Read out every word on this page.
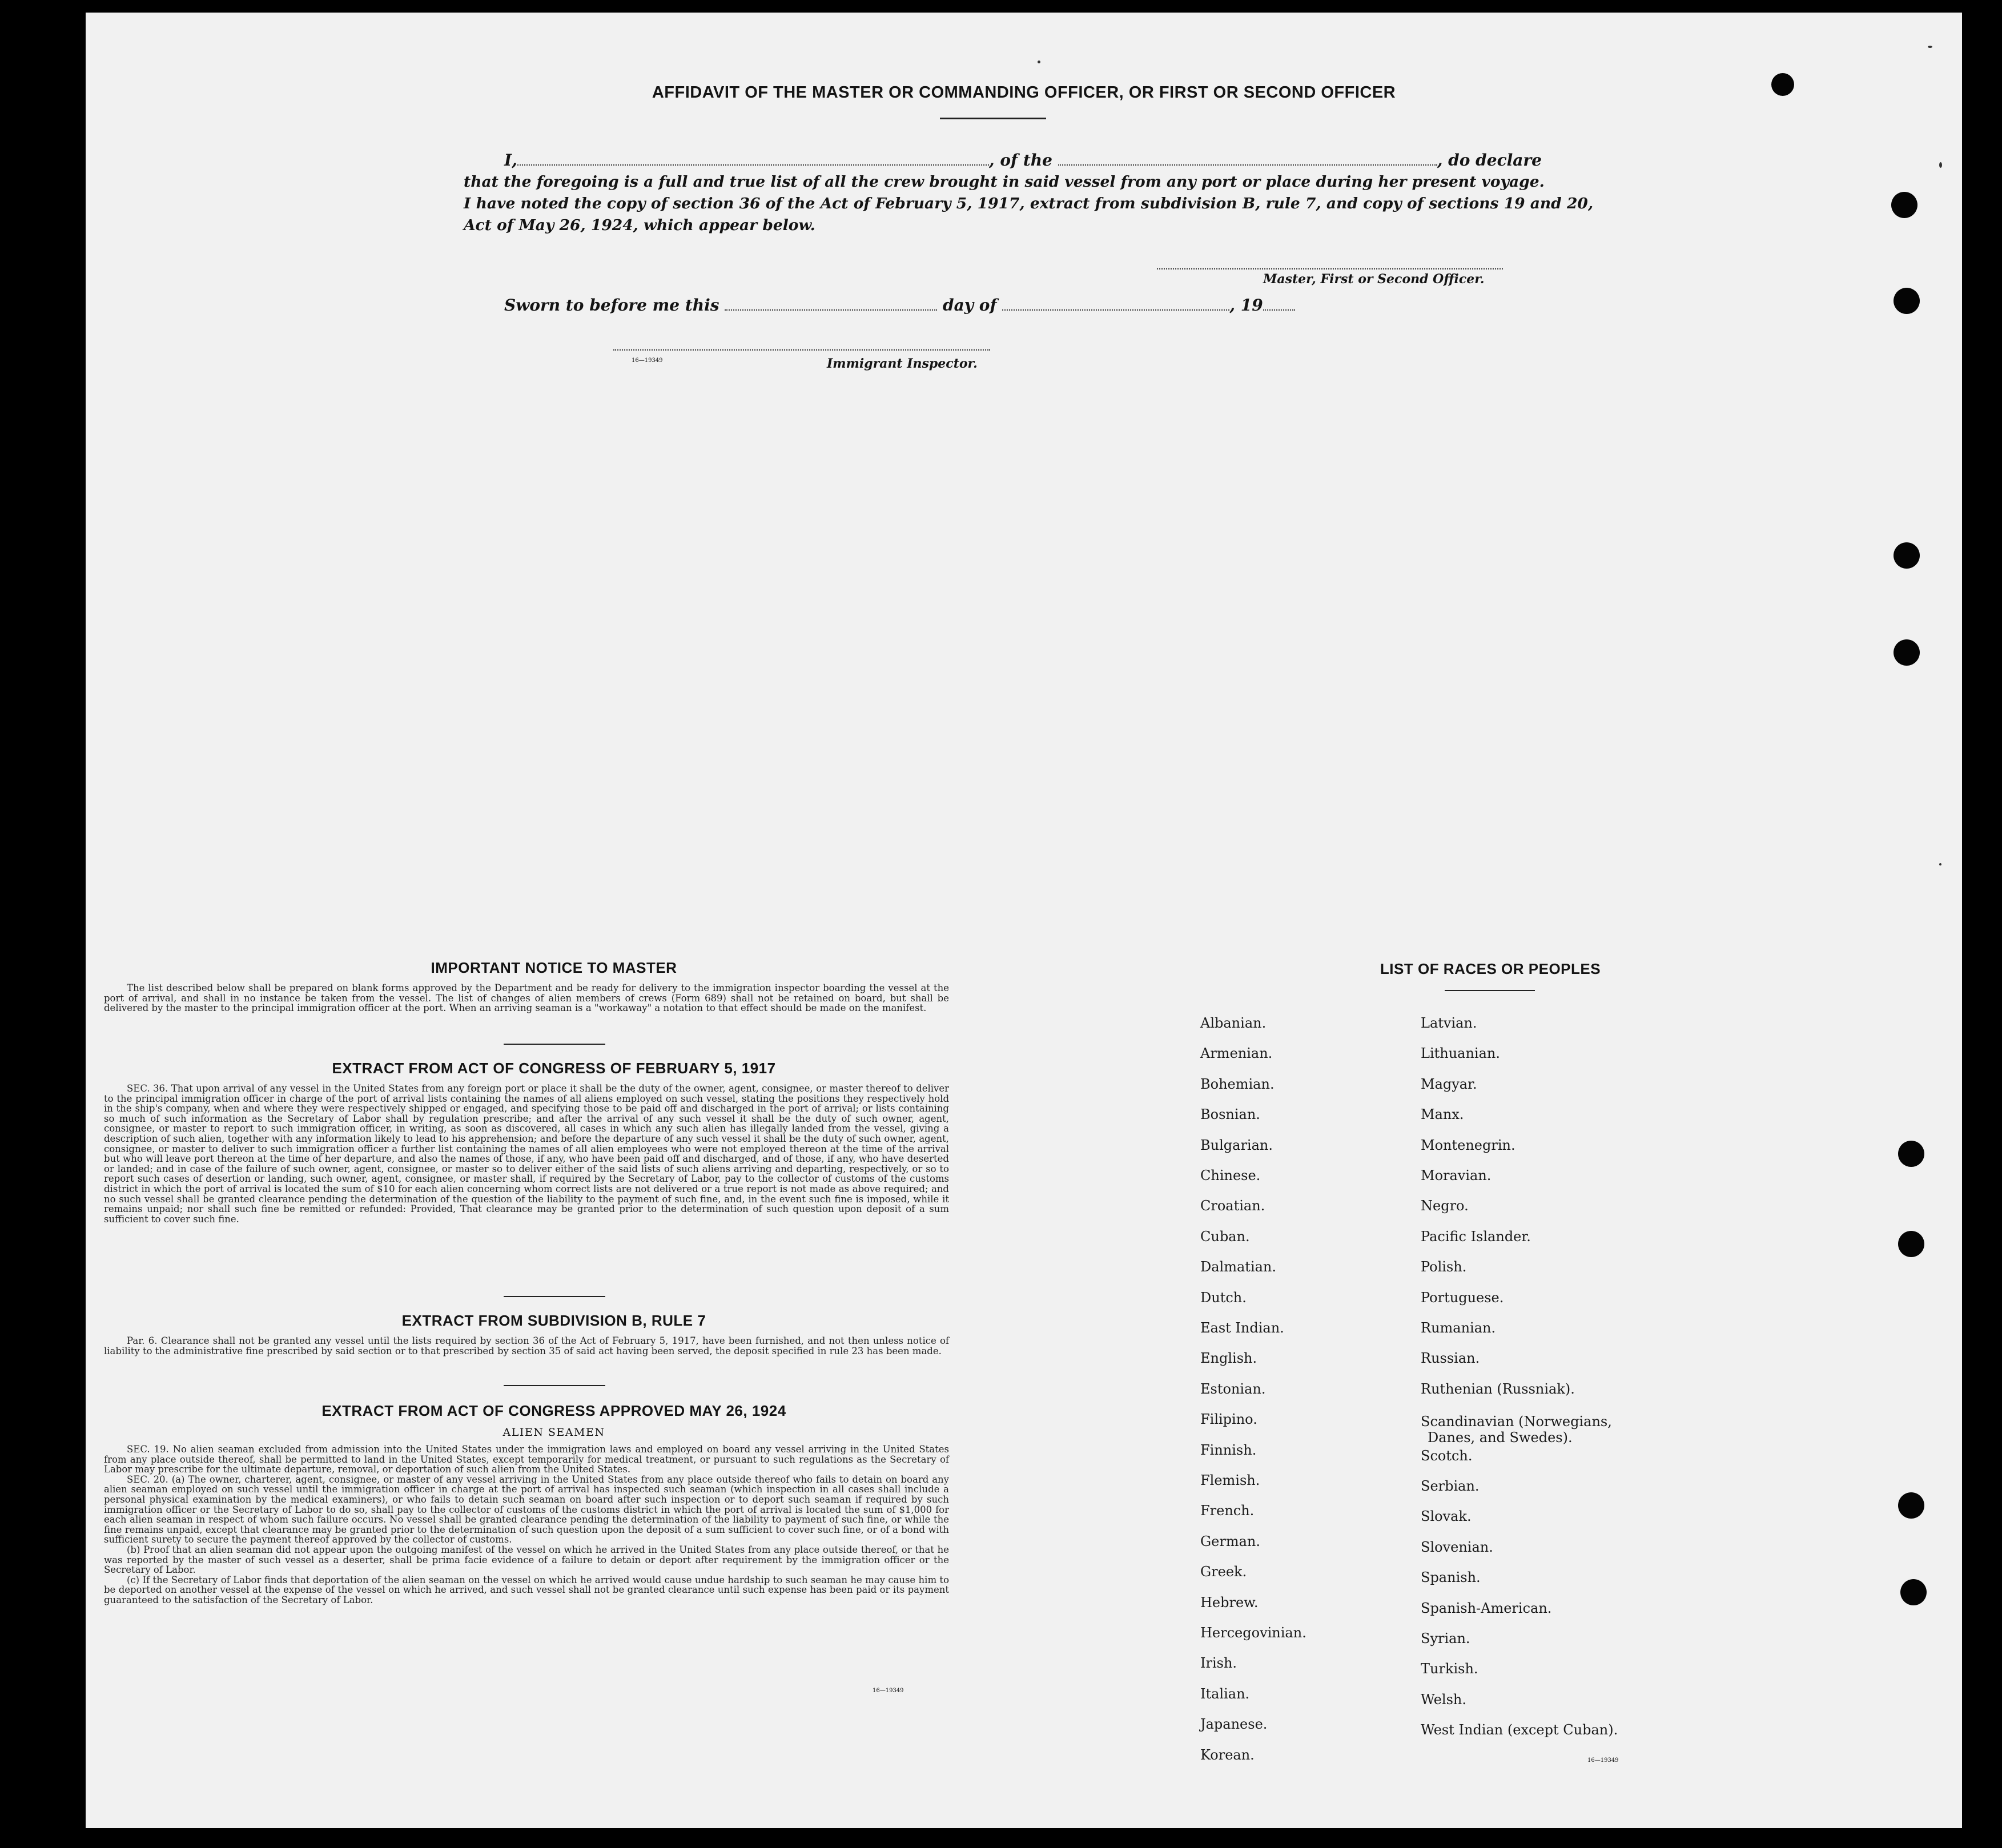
AFFIDAVIT OF THE MASTER OR COMMANDING OFFICER, OR FIRST OR SECOND OFFICER
I,	, of the	, do declare
that the foregoing is a full and true list of all the crew brought in said vessel from any port or place during her present voyage.
I have noted the copy of section 36 of the Act of February 5, 1917, extract from subdivision B, rule 7, and copy of sections 19 and 20,
Act of May 26, 1924, which appear below.
Master, First or Second Officer.
Sworn to before me this	day of	, 19
16—19349	Immigrant Inspector.
IMPORTANT NOTICE TO MASTER

The list described below shall be prepared on blank forms approved by the Department and be ready for delivery to the immigration inspector boarding the vessel at the port of arrival, and shall in no instance be taken from the vessel. The list of changes of alien members of crews (Form 689) shall not be retained on board, but shall be delivered by the master to the principal immigration officer at the port. When an arriving seaman is a "workaway" a notation to that effect should be made on the manifest.

EXTRACT FROM ACT OF CONGRESS OF FEBRUARY 5, 1917

SEC. 36. That upon arrival of any vessel in the United States from any foreign port or place it shall be the duty of the owner, agent, consignee, or master thereof to deliver to the principal immigration officer in charge of the port of arrival lists containing the names of all aliens employed on such vessel, stating the positions they respectively hold in the ship's company, when and where they were respectively shipped or engaged, and specifying those to be paid off and discharged in the port of arrival; or lists containing so much of such information as the Secretary of Labor shall by regulation prescribe; and after the arrival of any such vessel it shall be the duty of such owner, agent, consignee, or master to report to such immigration officer, in writing, as soon as discovered, all cases in which any such alien has illegally landed from the vessel, giving a description of such alien, together with any information likely to lead to his apprehension; and before the departure of any such vessel it shall be the duty of such owner, agent, consignee, or master to deliver to such immigration officer a further list containing the names of all alien employees who were not employed thereon at the time of the arrival but who will leave port thereon at the time of her departure, and also the names of those, if any, who have been paid off and discharged, and of those, if any, who have deserted or landed; and in case of the failure of such owner, agent, consignee, or master so to deliver either of the said lists of such aliens arriving and departing, respectively, or so to report such cases of desertion or landing, such owner, agent, consignee, or master shall, if required by the Secretary of Labor, pay to the collector of customs of the customs district in which the port of arrival is located the sum of $10 for each alien concerning whom correct lists are not delivered or a true report is not made as above required; and no such vessel shall be granted clearance pending the determination of the question of the liability to the payment of such fine, and, in the event such fine is imposed, while it remains unpaid; nor shall such fine be remitted or refunded: Provided, That clearance may be granted prior to the determination of such question upon deposit of a sum sufficient to cover such fine.

EXTRACT FROM SUBDIVISION B, RULE 7

Par. 6. Clearance shall not be granted any vessel until the lists required by section 36 of the Act of February 5, 1917, have been furnished, and not then unless notice of liability to the administrative fine prescribed by said section or to that prescribed by section 35 of said act having been served, the deposit specified in rule 23 has been made.

EXTRACT FROM ACT OF CONGRESS APPROVED MAY 26, 1924
ALIEN SEAMEN

SEC. 19. No alien seaman excluded from admission into the United States under the immigration laws and employed on board any vessel arriving in the United States from any place outside thereof, shall be permitted to land in the United States, except temporarily for medical treatment, or pursuant to such regulations as the Secretary of Labor may prescribe for the ultimate departure, removal, or deportation of such alien from the United States.

SEC. 20. (a) The owner, charterer, agent, consignee, or master of any vessel arriving in the United States from any place outside thereof who fails to detain on board any alien seaman employed on such vessel until the immigration officer in charge at the port of arrival has inspected such seaman (which inspection in all cases shall include a personal physical examination by the medical examiners), or who fails to detain such seaman on board after such inspection or to deport such seaman if required by such immigration officer or the Secretary of Labor to do so, shall pay to the collector of customs of the customs district in which the port of arrival is located the sum of $1,000 for each alien seaman in respect of whom such failure occurs. No vessel shall be granted clearance pending the determination of the liability to payment of such fine, or while the fine remains unpaid, except that clearance may be granted prior to the determination of such question upon the deposit of a sum sufficient to cover such fine, or of a bond with sufficient surety to secure the payment thereof approved by the collector of customs.

(b) Proof that an alien seaman did not appear upon the outgoing manifest of the vessel on which he arrived in the United States from any place outside thereof, or that he was reported by the master of such vessel as a deserter, shall be prima facie evidence of a failure to detain or deport after requirement by the immigration officer or the Secretary of Labor.

(c) If the Secretary of Labor finds that deportation of the alien seaman on the vessel on which he arrived would cause undue hardship to such seaman he may cause him to be deported on another vessel at the expense of the vessel on which he arrived, and such vessel shall not be granted clearance until such expense has been paid or its payment guaranteed to the satisfaction of the Secretary of Labor.

16—19349
LIST OF RACES OR PEOPLES
16—19349
Albanian.
Armenian.
Bohemian.
Bosnian.
Bulgarian.
Chinese.
Croatian.
Cuban.
Dalmatian.
Dutch.
East Indian.
English.
Estonian.
Filipino.
Finnish.
Flemish.
French.
German.
Greek.
Hebrew.
Hercegovinian.
Irish.
Italian.
Japanese.
Korean.
Latvian.
Lithuanian.
Magyar.
Manx.
Montenegrin.
Moravian.
Negro.
Pacific Islander.
Polish.
Portuguese.
Rumanian.
Russian.
Ruthenian (Russniak).
Scandinavian (Norwegians,
Danes, and Swedes).
Scotch.
Serbian.
Slovak.
Slovenian.
Spanish.
Spanish-American.
Syrian.
Turkish.
Welsh.
West Indian (except Cuban).
